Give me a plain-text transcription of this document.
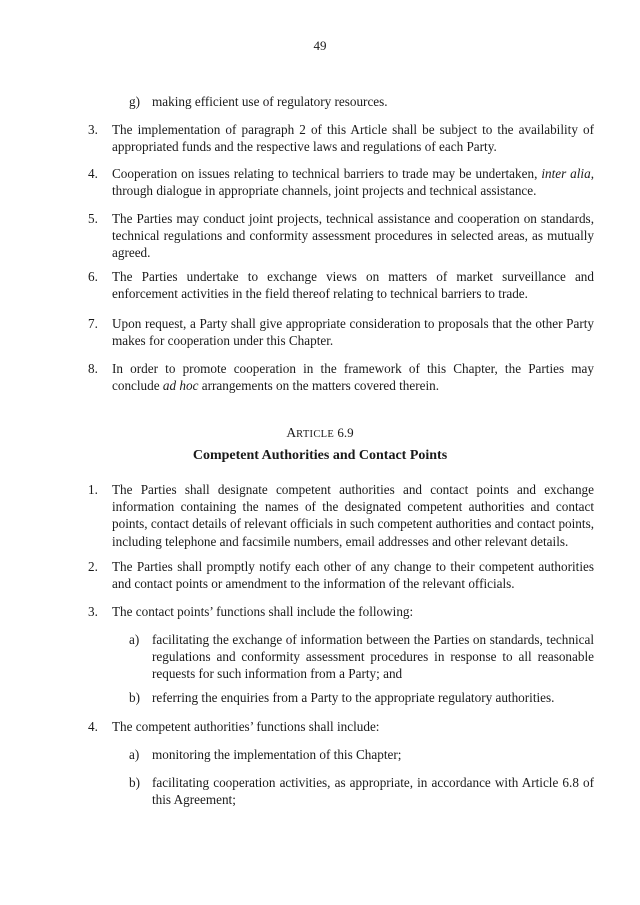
49
g) making efficient use of regulatory resources.
3. The implementation of paragraph 2 of this Article shall be subject to the availability of appropriated funds and the respective laws and regulations of each Party.
4. Cooperation on issues relating to technical barriers to trade may be undertaken, inter alia, through dialogue in appropriate channels, joint projects and technical assistance.
5. The Parties may conduct joint projects, technical assistance and cooperation on standards, technical regulations and conformity assessment procedures in selected areas, as mutually agreed.
6. The Parties undertake to exchange views on matters of market surveillance and enforcement activities in the field thereof relating to technical barriers to trade.
7. Upon request, a Party shall give appropriate consideration to proposals that the other Party makes for cooperation under this Chapter.
8. In order to promote cooperation in the framework of this Chapter, the Parties may conclude ad hoc arrangements on the matters covered therein.
ARTICLE 6.9
Competent Authorities and Contact Points
1. The Parties shall designate competent authorities and contact points and exchange information containing the names of the designated competent authorities and contact points, contact details of relevant officials in such competent authorities and contact points, including telephone and facsimile numbers, email addresses and other relevant details.
2. The Parties shall promptly notify each other of any change to their competent authorities and contact points or amendment to the information of the relevant officials.
3. The contact points’ functions shall include the following:
a) facilitating the exchange of information between the Parties on standards, technical regulations and conformity assessment procedures in response to all reasonable requests for such information from a Party; and
b) referring the enquiries from a Party to the appropriate regulatory authorities.
4. The competent authorities’ functions shall include:
a) monitoring the implementation of this Chapter;
b) facilitating cooperation activities, as appropriate, in accordance with Article 6.8 of this Agreement;
